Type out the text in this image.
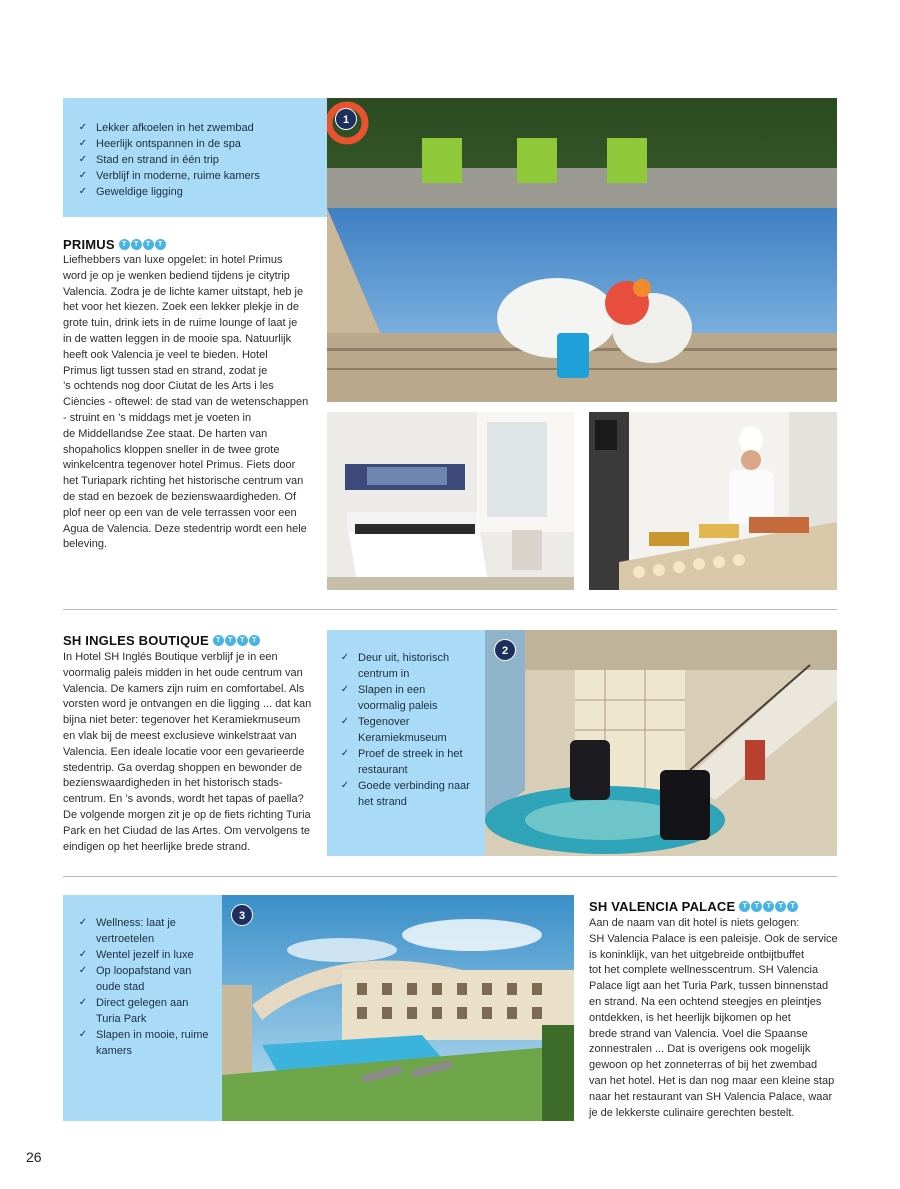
✓ Lekker afkoelen in het zwembad
✓ Heerlijk ontspannen in de spa
✓ Stad en strand in één trip
✓ Verblijf in moderne, ruime kamers
✓ Geweldige ligging
PRIMUS	T	T	T	T
Liefhebbers van luxe opgelet: in hotel Primus
word je op je wenken bediend tijdens je citytrip
Valencia. Zodra je de lichte kamer uitstapt, heb je
het voor het kiezen. Zoek een lekker plekje in de
grote tuin, drink iets in de ruime lounge of laat je
in de watten leggen in de mooie spa. Natuurlijk
heeft ook Valencia je veel te bieden. Hotel
Primus ligt tussen stad en strand, zodat je
’s ochtends nog door Ciutat de les Arts i les
Ciències - oftewel: de stad van de wetenschappen
- struint en ’s middags met je voeten in
de Middellandse Zee staat. De harten van
shopaholics kloppen sneller in de twee grote
winkelcentra tegenover hotel Primus. Fiets door
het Turiapark richting het historische centrum van
de stad en bezoek de bezienswaardigheden. Of
plof neer op een van de vele terrassen voor een
Agua de Valencia. Deze stedentrip wordt een hele
beleving.
1
SH INGLES BOUTIQUE	T	T	T	T
In Hotel SH Inglés Boutique verblijf je in een
voormalig paleis midden in het oude centrum van
Valencia. De kamers zijn ruim en comfortabel. Als
vorsten word je ontvangen en die ligging ... dat kan
bijna niet beter: tegenover het Keramiekmuseum
en vlak bij de meest exclusieve winkelstraat van
Valencia. Een ideale locatie voor een gevarieerde
stedentrip. Ga overdag shoppen en bewonder de
bezienswaardigheden in het historisch stads-
centrum. En ’s avonds, wordt het tapas of paella?
De volgende morgen zit je op de fiets richting Turia
Park en het Ciudad de las Artes. Om vervolgens te
eindigen op het heerlijke brede strand.
✓ Deur uit, historisch
centrum in
✓ Slapen in een
voormalig paleis
✓ Tegenover
Keramiekmuseum
✓ Proef de streek in het
restaurant
✓ Goede verbinding naar
het strand
2
✓ Wellness: laat je
vertroetelen
✓ Wentel jezelf in luxe
✓ Op loopafstand van
oude stad
✓ Direct gelegen aan
Turia Park
✓ Slapen in mooie, ruime
kamers
3
SH VALENCIA PALACE	T	T	T	T	T
Aan de naam van dit hotel is niets gelogen:
SH Valencia Palace is een paleisje. Ook de service
is koninklijk, van het uitgebreide ontbijtbuffet
tot het complete wellnesscentrum. SH Valencia
Palace ligt aan het Turia Park, tussen binnenstad
en strand. Na een ochtend steegjes en pleintjes
ontdekken, is het heerlijk bijkomen op het
brede strand van Valencia. Voel die Spaanse
zonnestralen ... Dat is overigens ook mogelijk
gewoon op het zonneterras of bij het zwembad
van het hotel. Het is dan nog maar een kleine stap
naar het restaurant van SH Valencia Palace, waar
je de lekkerste culinaire gerechten bestelt.
26
